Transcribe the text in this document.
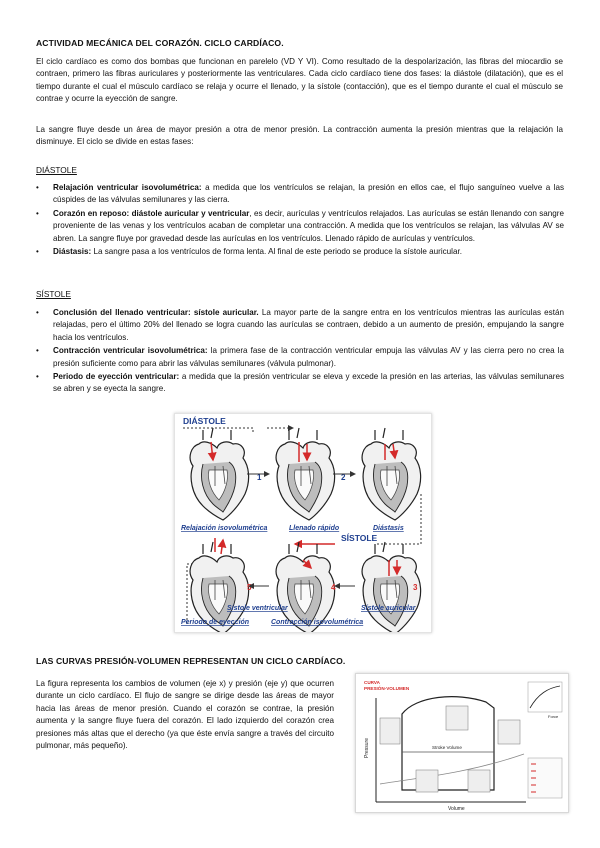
ACTIVIDAD MECÁNICA DEL CORAZÓN. CICLO CARDÍACO.
El ciclo cardíaco es como dos bombas que funcionan en parelelo (VD Y VI). Como resultado de la despolarización, las fibras del miocardio se contraen, primero las fibras auriculares y posteriormente las ventriculares. Cada ciclo cardíaco tiene dos fases: la diástole (dilatación), que es el tiempo durante el cual el músculo cardíaco se relaja y ocurre el llenado, y la sístole (contacción), que es el tiempo durante el cual el músculo se contrae y ocurre la eyección de sangre.
La sangre fluye desde un área de mayor presión a otra de menor presión. La contracción aumenta la presión mientras que la relajación la disminuye. El ciclo se divide en estas fases:
DIÁSTOLE
• Relajación ventricular isovolumétrica: a medida que los ventrículos se relajan, la presión en ellos cae, el flujo sanguíneo vuelve a las cúspides de las válvulas semilunares y las cierra.
• Corazón en reposo: diástole auricular y ventricular, es decir, aurículas y ventrículos relajados. Las aurículas se están llenando con sangre proveniente de las venas y los ventrículos acaban de completar una contracción. A medida que los ventrículos se relajan, las válvulas AV se abren. La sangre fluye por gravedad desde las aurículas en los ventrículos. Llenado rápido de aurículas y ventrículos.
• Diástasis: La sangre pasa a los ventrículos de forma lenta. Al final de este periodo se produce la sístole auricular.
SÍSTOLE
• Conclusión del llenado ventricular: sístole auricular. La mayor parte de la sangre entra en los ventrículos mientras las aurículas están relajadas, pero el último 20% del llenado se logra cuando las aurículas se contraen, debido a un aumento de presión, empujando la sangre hacia los ventrículos.
• Contracción ventricular isovolumétrica: la primera fase de la contracción ventricular empuja las válvulas AV y las cierra pero no crea la presión suficiente como para abrir las válvulas semilunares (válvula pulmonar).
• Periodo de eyección ventricular: a medida que la presión ventricular se eleva y excede la presión en las arterias, las válvulas semilunares se abren y se eyecta la sangre.
DIÁSTOLE
1	2
Relajación isovolumétrica	Llenado rápido	Diástasis
SÍSTOLE
5	4	3
Sístole ventricular	Sístole auricular
Periodo de eyección	Contracción isovolumétrica
LAS CURVAS PRESIÓN-VOLUMEN REPRESENTAN UN CICLO CARDÍACO.
La figura representa los cambios de volumen (eje x) y presión (eje y) que ocurren durante un ciclo cardíaco. El flujo de sangre se dirige desde las áreas de mayor hacia las áreas de menor presión. Cuando el corazón se contrae, la presión aumenta y la sangre fluye fuera del corazón. El lado izquierdo del corazón crea presiones más altas que el derecho (ya que éste envía sangre a través del circuito pulmonar, más pequeño).
CURVA
PRESIÓN-VOLUMEN
Pressure
Volume
Stroke Volume
Force
